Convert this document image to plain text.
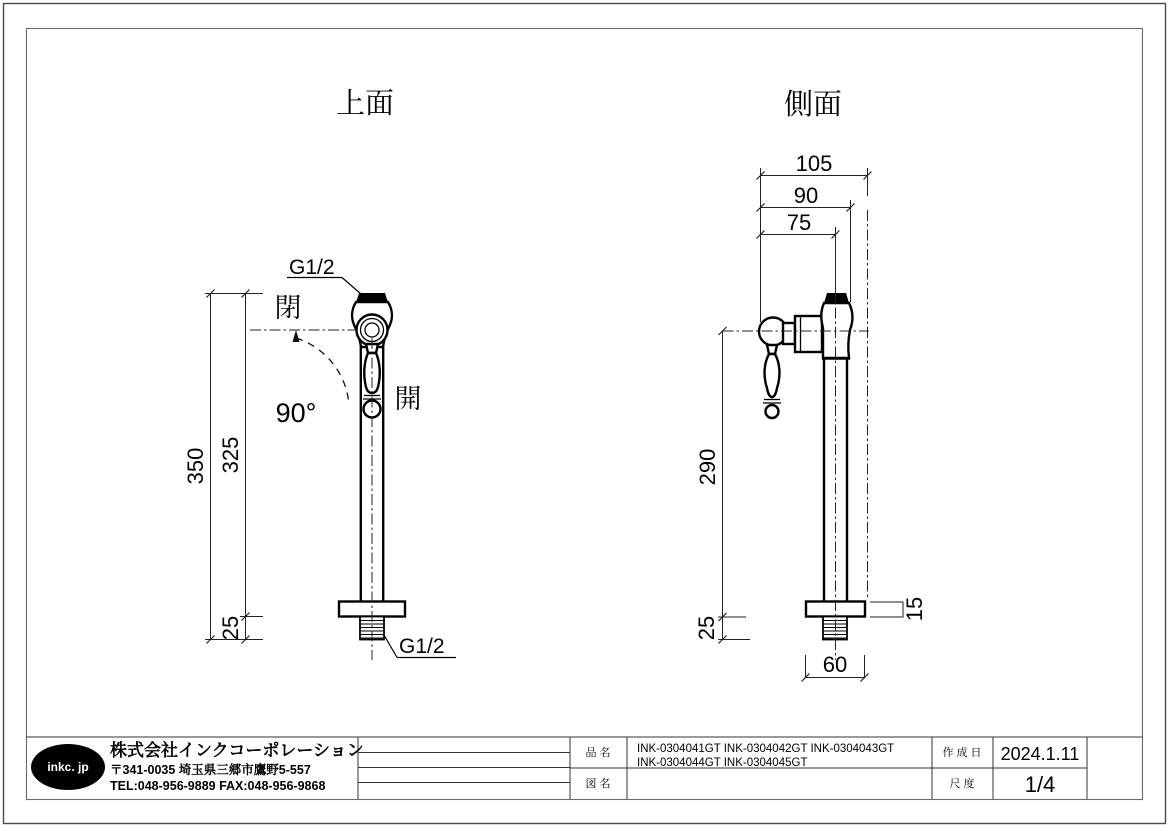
上面
G1/2
閉
開
90°
G1/2
350 325
25
側面
105
90
75
290
25
15
60
inkc. jp
株式会社インクコーポレーション
〒341-0035 埼玉県三郷市鷹野5-557
TEL:048-956-9889 FAX:048-956-9868
品 名 INK-0304041GT INK-0304042GT INK-0304043GT
INK-0304044GT INK-0304045GT
図 名
作 成 日 2024.1.11
尺 度 1/4
